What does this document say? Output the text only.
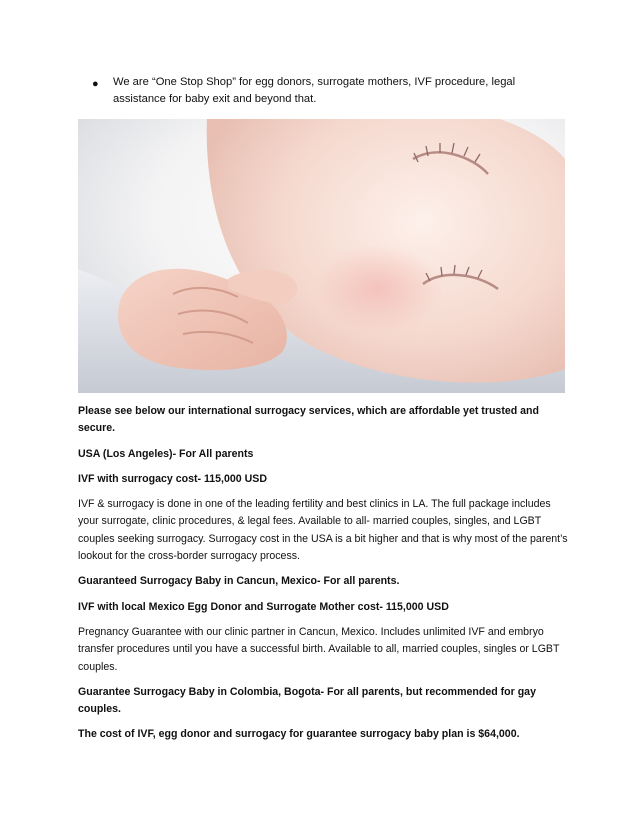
● We are “One Stop Shop” for egg donors, surrogate mothers, IVF procedure, legal assistance for baby exit and beyond that.

Please see below our international surrogacy services, which are affordable yet trusted and secure.

USA (Los Angeles)- For All parents

IVF with surrogacy cost- 115,000 USD

IVF & surrogacy is done in one of the leading fertility and best clinics in LA. The full package includes your surrogate, clinic procedures, & legal fees. Available to all- married couples, singles, and LGBT couples seeking surrogacy. Surrogacy cost in the USA is a bit higher and that is why most of the parent’s lookout for the cross-border surrogacy process.

Guaranteed Surrogacy Baby in Cancun, Mexico- For all parents.

IVF with local Mexico Egg Donor and Surrogate Mother cost- 115,000 USD

Pregnancy Guarantee with our clinic partner in Cancun, Mexico. Includes unlimited IVF and embryo transfer procedures until you have a successful birth. Available to all, married couples, singles or LGBT couples.

Guarantee Surrogacy Baby in Colombia, Bogota- For all parents, but recommended for gay couples.

The cost of IVF, egg donor and surrogacy for guarantee surrogacy baby plan is $64,000.
